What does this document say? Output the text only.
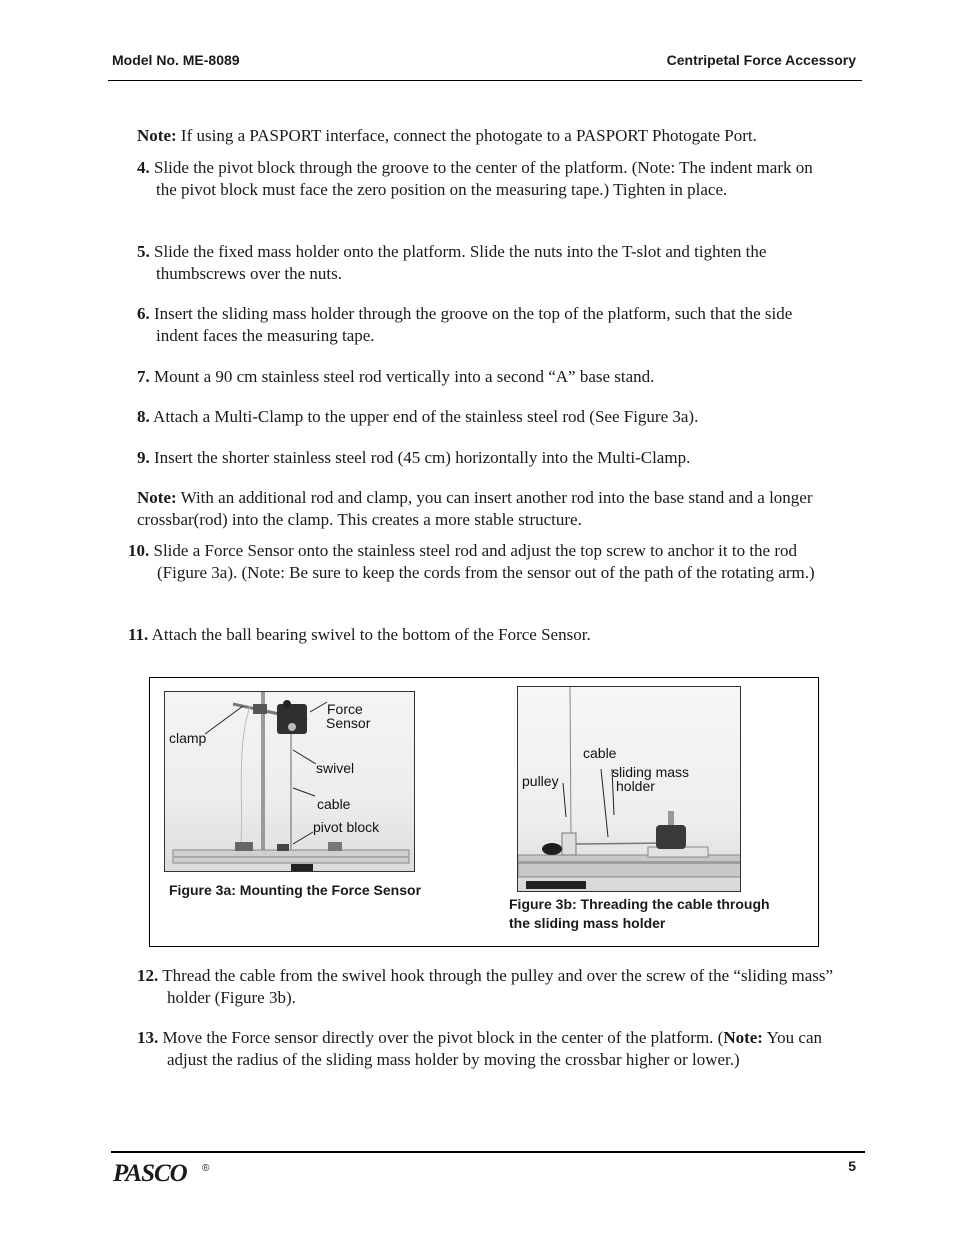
Model No. ME-8089	Centripetal Force Accessory
Note: If using a PASPORT interface, connect the photogate to a PASPORT Photogate Port.
4. Slide the pivot block through the groove to the center of the platform. (Note: The indent mark on the pivot block must face the zero position on the measuring tape.) Tighten in place.
5. Slide the fixed mass holder onto the platform. Slide the nuts into the T-slot and tighten the thumbscrews over the nuts.
6. Insert the sliding mass holder through the groove on the top of the platform, such that the side indent faces the measuring tape.
7. Mount a 90 cm stainless steel rod vertically into a second “A” base stand.
8. Attach a Multi-Clamp to the upper end of the stainless steel rod (See Figure 3a).
9. Insert the shorter stainless steel rod (45 cm) horizontally into the Multi-Clamp.
Note: With an additional rod and clamp, you can insert another rod into the base stand and a longer crossbar(rod) into the clamp. This creates a more stable structure.
10. Slide a Force Sensor onto the stainless steel rod and adjust the top screw to anchor it to the rod (Figure 3a). (Note: Be sure to keep the cords from the sensor out of the path of the rotating arm.)
11. Attach the ball bearing swivel to the bottom of the Force Sensor.
Force
Sensor
clamp
swivel
cable
pivot block
Figure 3a: Mounting the Force Sensor
cable
sliding mass
holder
pulley
Figure 3b: Threading the cable through
the sliding mass holder
12. Thread the cable from the swivel hook through the pulley and over the screw of the “sliding mass” holder (Figure 3b).
13. Move the Force sensor directly over the pivot block in the center of the platform. (Note: You can adjust the radius of the sliding mass holder by moving the crossbar higher or lower.)
PASCO ®	5
